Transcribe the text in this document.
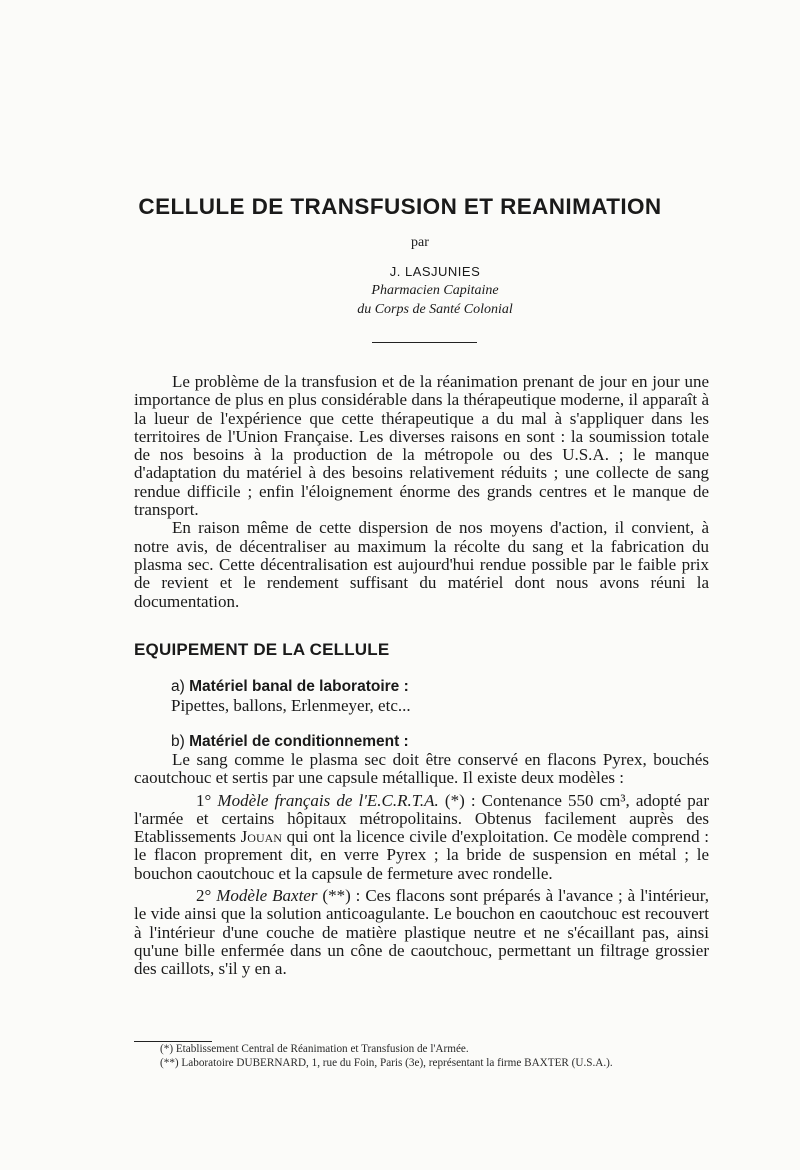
CELLULE DE TRANSFUSION ET REANIMATION
par
J. LASJUNIES
Pharmacien Capitaine
du Corps de Santé Colonial

Le problème de la transfusion et de la réanimation prenant de jour en jour une importance de plus en plus considérable dans la thérapeutique moderne, il apparaît à la lueur de l'expérience que cette thérapeutique a du mal à s'appliquer dans les territoires de l'Union Française. Les diverses raisons en sont : la soumission totale de nos besoins à la production de la métropole ou des U.S.A. ; le manque d'adaptation du matériel à des besoins relativement réduits ; une collecte de sang rendue difficile ; enfin l'éloignement énorme des grands centres et le manque de transport.

En raison même de cette dispersion de nos moyens d'action, il convient, à notre avis, de décentraliser au maximum la récolte du sang et la fabrication du plasma sec. Cette décentralisation est aujourd'hui rendue possible par le faible prix de revient et le rendement suffisant du matériel dont nous avons réuni la documentation.

EQUIPEMENT DE LA CELLULE
a) Matériel banal de laboratoire :
Pipettes, ballons, Erlenmeyer, etc...
b) Matériel de conditionnement :

Le sang comme le plasma sec doit être conservé en flacons Pyrex, bouchés caoutchouc et sertis par une capsule métallique. Il existe deux modèles :

1° Modèle français de l'E.C.R.T.A. (*) : Contenance 550 cm³, adopté par l'armée et certains hôpitaux métropolitains. Obtenus facilement auprès des Etablissements Jouan qui ont la licence civile d'exploitation. Ce modèle comprend : le flacon proprement dit, en verre Pyrex ; la bride de suspension en métal ; le bouchon caoutchouc et la capsule de fermeture avec rondelle.

2° Modèle Baxter (**) : Ces flacons sont préparés à l'avance ; à l'intérieur, le vide ainsi que la solution anticoagulante. Le bouchon en caoutchouc est recouvert à l'intérieur d'une couche de matière plastique neutre et ne s'écaillant pas, ainsi qu'une bille enfermée dans un cône de caoutchouc, permettant un filtrage grossier des caillots, s'il y en a.

(*) Etablissement Central de Réanimation et Transfusion de l'Armée.
(**) Laboratoire DUBERNARD, 1, rue du Foin, Paris (3e), représentant la firme BAXTER (U.S.A.).
